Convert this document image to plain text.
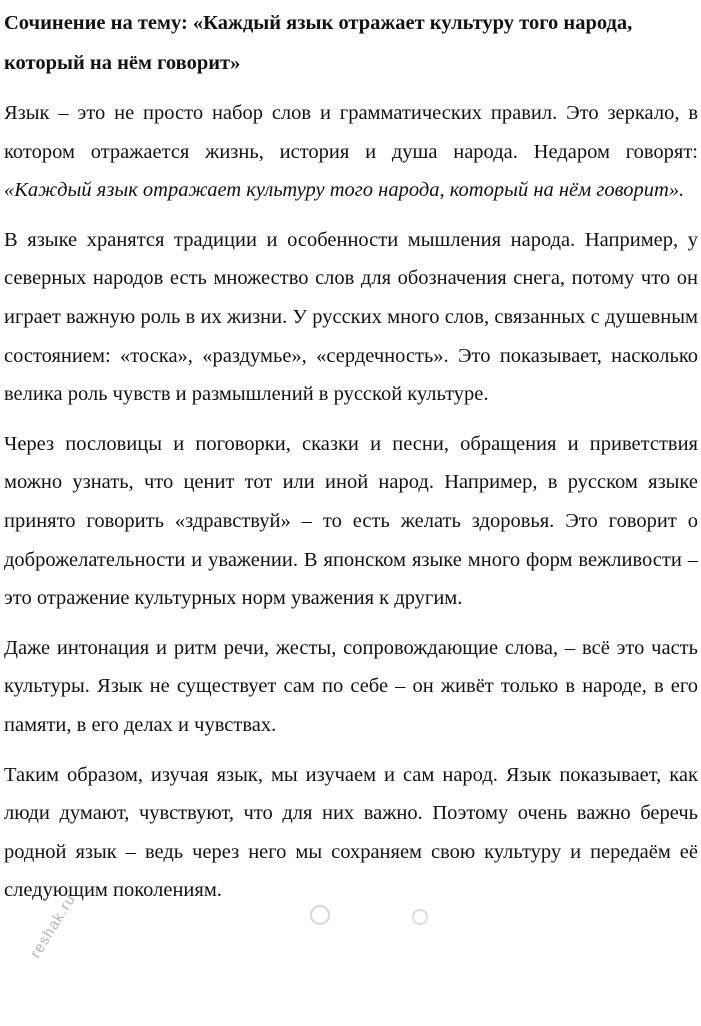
Сочинение на тему: «Каждый язык отражает культуру того народа, который на нём говорит»

Язык – это не просто набор слов и грамматических правил. Это зеркало, в котором отражается жизнь, история и душа народа. Недаром говорят: «Каждый язык отражает культуру того народа, который на нём говорит».

В языке хранятся традиции и особенности мышления народа. Например, у северных народов есть множество слов для обозначения снега, потому что он играет важную роль в их жизни. У русских много слов, связанных с душевным состоянием: «тоска», «раздумье», «сердечность». Это показывает, насколько велика роль чувств и размышлений в русской культуре.

Через пословицы и поговорки, сказки и песни, обращения и приветствия можно узнать, что ценит тот или иной народ. Например, в русском языке принято говорить «здравствуй» – то есть желать здоровья. Это говорит о доброжелательности и уважении. В японском языке много форм вежливости – это отражение культурных норм уважения к другим.

Даже интонация и ритм речи, жесты, сопровождающие слова, – всё это часть культуры. Язык не существует сам по себе – он живёт только в народе, в его памяти, в его делах и чувствах.

Таким образом, изучая язык, мы изучаем и сам народ. Язык показывает, как люди думают, чувствуют, что для них важно. Поэтому очень важно беречь родной язык – ведь через него мы сохраняем свою культуру и передаём её следующим поколениям.

reshak.ru
